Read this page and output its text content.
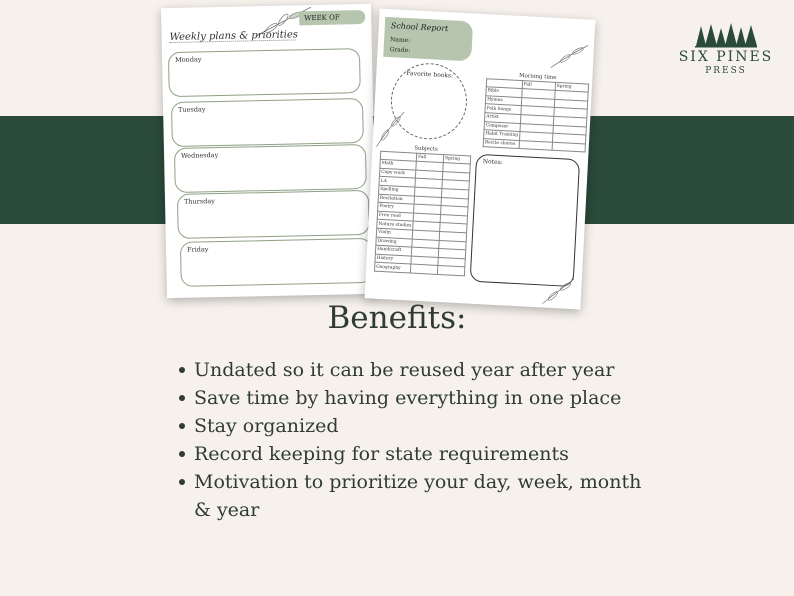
WEEK OF
Weekly plans & priorities
Monday
Tuesday
Wednesday
Thursday
Friday
School Report
Name:
Grade:
Favorite books:	Morning time		
	Fall	Spring
Bible		
Hymns		
Folk Songs		
Artist		
Composer		
Habit Training		
Recite chores		
Subjects		
	Fall	Spring
Math		
Copy work		
LA		
Spelling		
Recitation		
Poetry		
Free read		
Nature studies		
Violin		
Drawing		
Handicraft		
History		
Geography		
Notes:
SIX PINES
PRESS
Benefits:
Undated so it can be reused year after year
Save time by having everything in one place
Stay organized
Record keeping for state requirements
Motivation to prioritize your day, week, month & year
